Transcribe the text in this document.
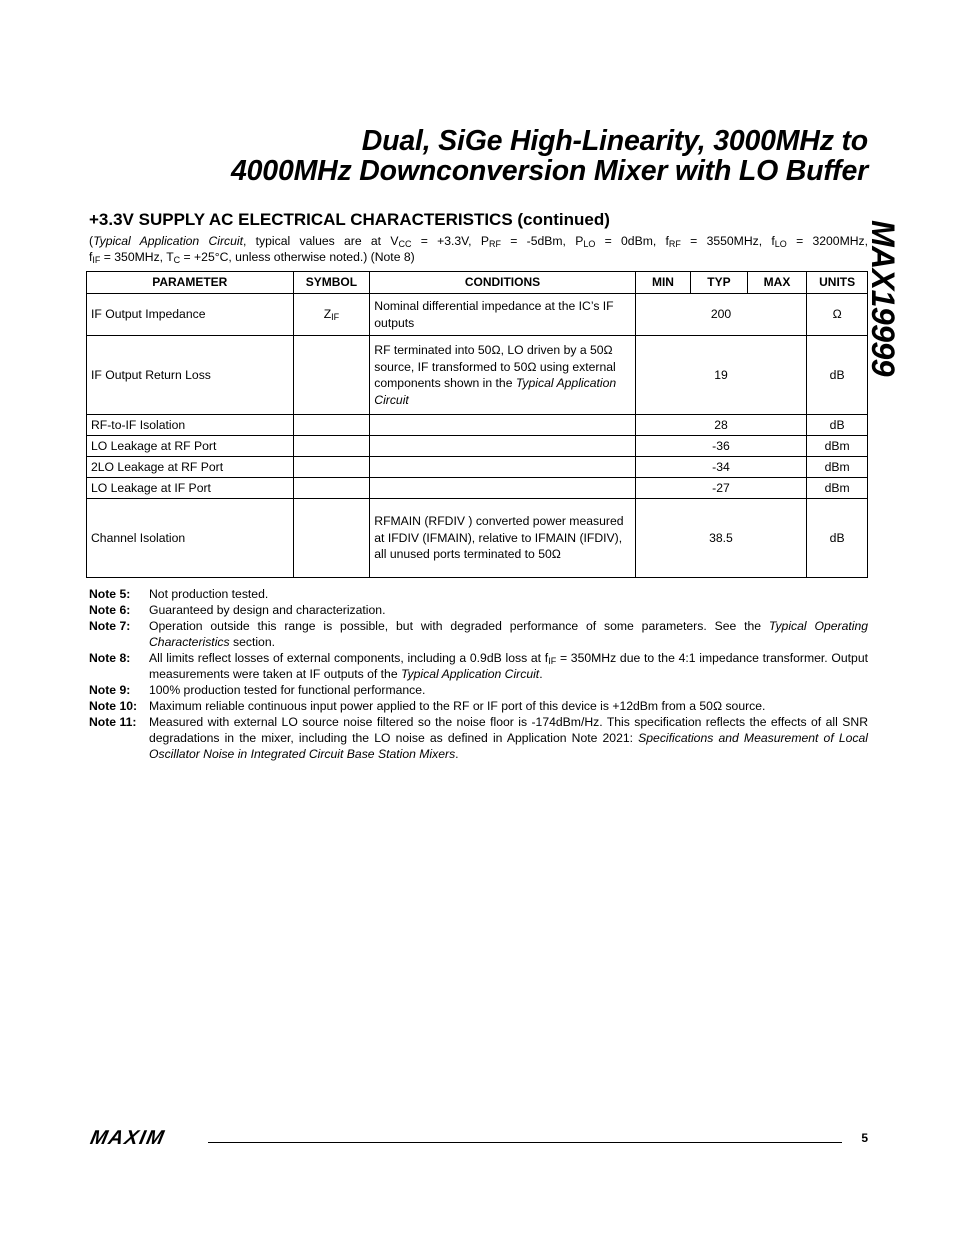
Dual, SiGe High-Linearity, 3000MHz to
4000MHz Downconversion Mixer with LO Buffer
MAX19999
+3.3V SUPPLY AC ELECTRICAL CHARACTERISTICS (continued)
(Typical Application Circuit, typical values are at $V_{CC} = +3.3V$, $P_{RF} = -5dBm$, $P_{LO} = 0dBm$, $f_{RF} = 3550MHz$, $f_{LO} = 3200MHz$,
$f_{IF} = 350MHz$, $T_C = +25^\circ C$, unless otherwise noted.) (Note 8)
PARAMETER	SYMBOL	CONDITIONS	MIN	TYP	MAX	UNITS
IF Output Impedance	$Z_{IF}$	Nominal differential impedance at the IC’s IF outputs	200			Ω
IF Output Return Loss		RF terminated into 50Ω, LO driven by a 50Ω source, IF transformed to 50Ω using external components shown in the Typical Application Circuit	19			dB
RF-to-IF Isolation			28			dB
LO Leakage at RF Port			-36			dBm
2LO Leakage at RF Port			-34			dBm
LO Leakage at IF Port			-27			dBm
Channel Isolation		RFMAIN (RFDIV ) converted power measured at IFDIV (IFMAIN), relative to IFMAIN (IFDIV), all unused ports terminated to 50Ω	38.5			dB
Note 5:	Not production tested.
Note 6:	Guaranteed by design and characterization.
Note 7:	Operation outside this range is possible, but with degraded performance of some parameters. See the Typical Operating Characteristics section.
Note 8:	All limits reflect losses of external components, including a 0.9dB loss at $f_{IF} = 350MHz$ due to the 4:1 impedance transformer. Output measurements were taken at IF outputs of the Typical Application Circuit.
Note 9:	100% production tested for functional performance.
Note 10: Maximum reliable continuous input power applied to the RF or IF port of this device is +12dBm from a 50Ω source.
Note 11:	Measured with external LO source noise filtered so the noise floor is -174dBm/Hz. This specification reflects the effects of all SNR degradations in the mixer, including the LO noise as defined in Application Note 2021: Specifications and Measurement of Local Oscillator Noise in Integrated Circuit Base Station Mixers.
MAXIM	5
